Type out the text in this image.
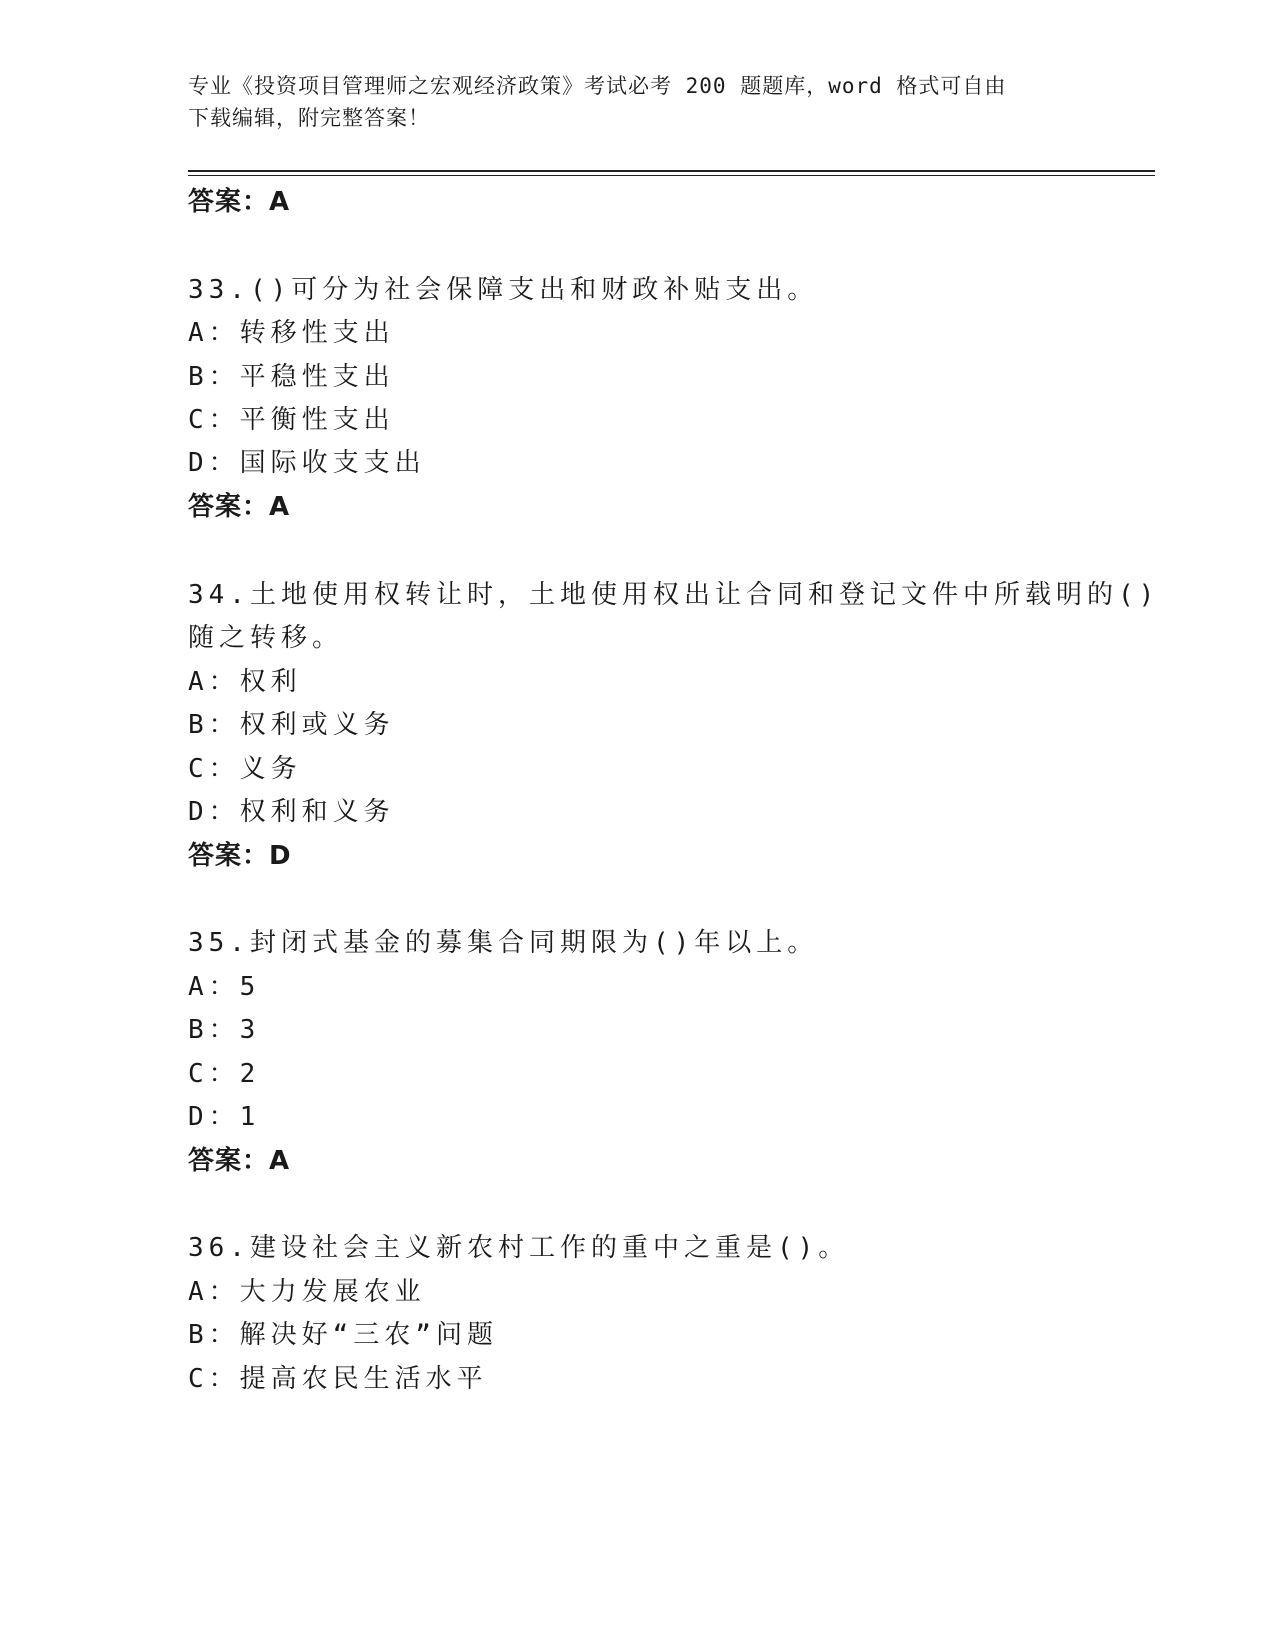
专业《投资项目管理师之宏观经济政策》考试必考 200 题题库，word 格式可自由
下载编辑，附完整答案！
答案：A
33.()可分为社会保障支出和财政补贴支出。
A：转移性支出
B：平稳性支出
C：平衡性支出
D：国际收支支出
答案：A
34.土地使用权转让时，土地使用权出让合同和登记文件中所载明的()
随之转移。
A：权利
B：权利或义务
C：义务
D：权利和义务
答案：D
35.封闭式基金的募集合同期限为()年以上。
A：5
B：3
C：2
D：1
答案：A
36.建设社会主义新农村工作的重中之重是()。
A：大力发展农业
B：解决好“三农”问题
C：提高农民生活水平
